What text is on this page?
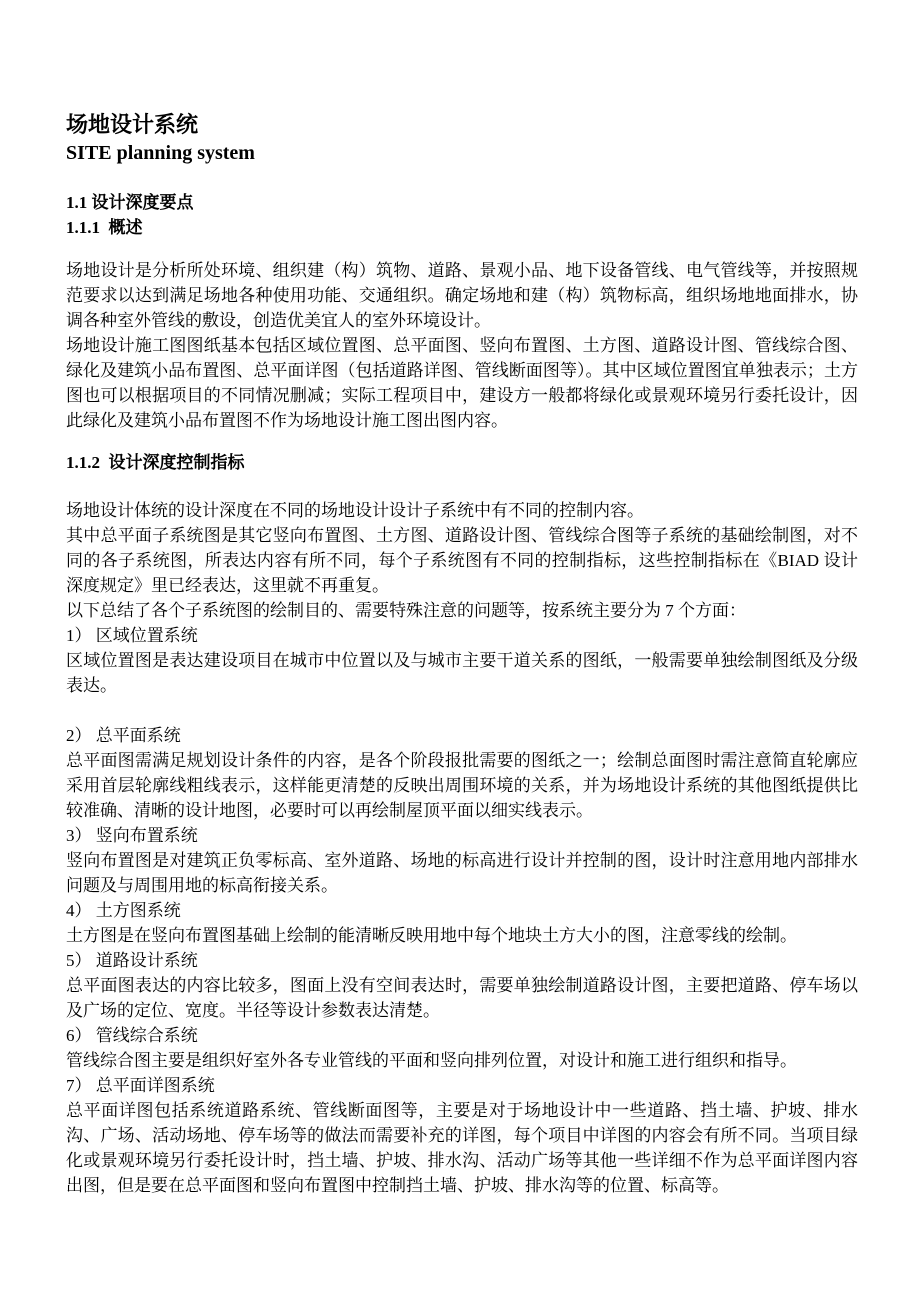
场地设计系统
SITE planning system
1.1 设计深度要点
1.1.1  概述

场地设计是分析所处环境、组织建（构）筑物、道路、景观小品、地下设备管线、电气管线等，并按照规范要求以达到满足场地各种使用功能、交通组织。确定场地和建（构）筑物标高，组织场地地面排水，协调各种室外管线的敷设，创造优美宜人的室外环境设计。

场地设计施工图图纸基本包括区域位置图、总平面图、竖向布置图、土方图、道路设计图、管线综合图、绿化及建筑小品布置图、总平面详图（包括道路详图、管线断面图等）。其中区域位置图宜单独表示；土方图也可以根据项目的不同情况删减；实际工程项目中，建设方一般都将绿化或景观环境另行委托设计，因此绿化及建筑小品布置图不作为场地设计施工图出图内容。

1.1.2  设计深度控制指标

场地设计体统的设计深度在不同的场地设计设计子系统中有不同的控制内容。

其中总平面子系统图是其它竖向布置图、土方图、道路设计图、管线综合图等子系统的基础绘制图，对不同的各子系统图，所表达内容有所不同，每个子系统图有不同的控制指标，这些控制指标在《BIAD 设计深度规定》里已经表达，这里就不再重复。

以下总结了各个子系统图的绘制目的、需要特殊注意的问题等，按系统主要分为 7 个方面：

1） 区域位置系统

区域位置图是表达建设项目在城市中位置以及与城市主要干道关系的图纸，一般需要单独绘制图纸及分级表达。

2） 总平面系统

总平面图需满足规划设计条件的内容，是各个阶段报批需要的图纸之一；绘制总面图时需注意简直轮廓应采用首层轮廓线粗线表示，这样能更清楚的反映出周围环境的关系，并为场地设计系统的其他图纸提供比较准确、清晰的设计地图，必要时可以再绘制屋顶平面以细实线表示。

3） 竖向布置系统

竖向布置图是对建筑正负零标高、室外道路、场地的标高进行设计并控制的图，设计时注意用地内部排水问题及与周围用地的标高衔接关系。

4） 土方图系统

土方图是在竖向布置图基础上绘制的能清晰反映用地中每个地块土方大小的图，注意零线的绘制。

5） 道路设计系统

总平面图表达的内容比较多，图面上没有空间表达时，需要单独绘制道路设计图，主要把道路、停车场以及广场的定位、宽度。半径等设计参数表达清楚。

6） 管线综合系统

管线综合图主要是组织好室外各专业管线的平面和竖向排列位置，对设计和施工进行组织和指导。

7） 总平面详图系统

总平面详图包括系统道路系统、管线断面图等，主要是对于场地设计中一些道路、挡土墙、护坡、排水沟、广场、活动场地、停车场等的做法而需要补充的详图，每个项目中详图的内容会有所不同。当项目绿化或景观环境另行委托设计时，挡土墙、护坡、排水沟、活动广场等其他一些详细不作为总平面详图内容出图，但是要在总平面图和竖向布置图中控制挡土墙、护坡、排水沟等的位置、标高等。
